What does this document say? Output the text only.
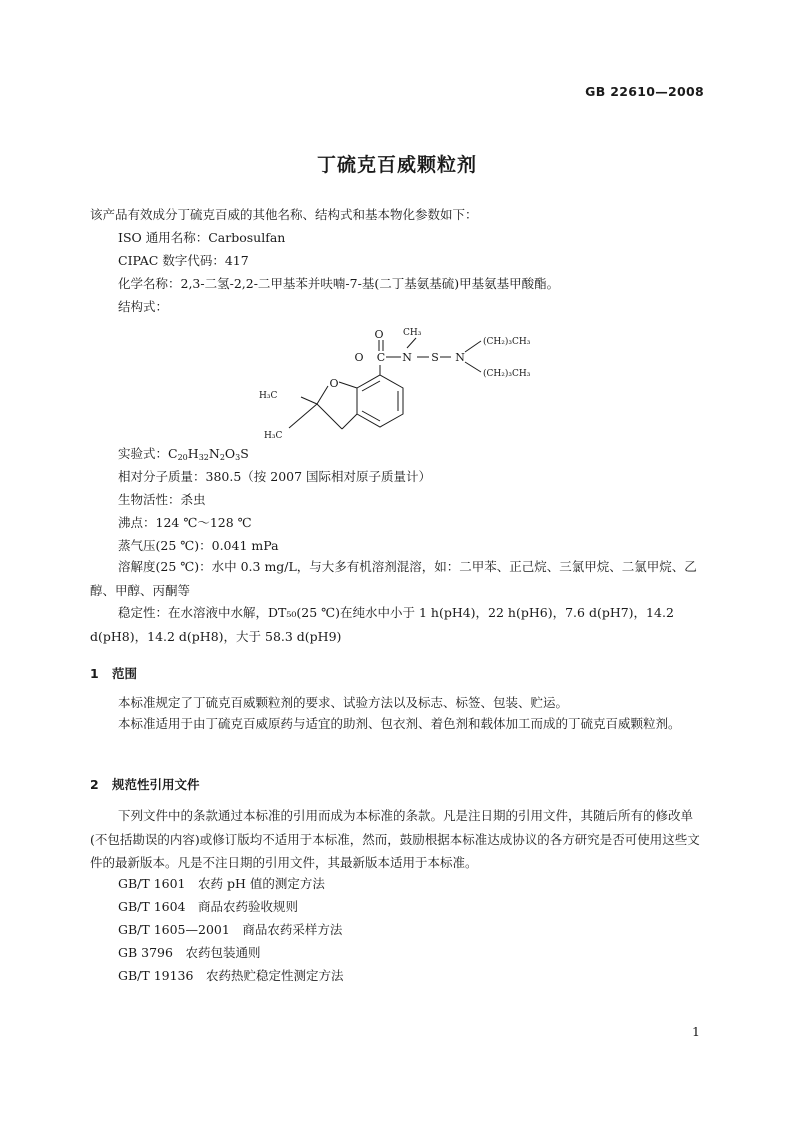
GB 22610—2008
丁硫克百威颗粒剂
该产品有效成分丁硫克百威的其他名称、结构式和基本物化参数如下：
ISO 通用名称：Carbosulfan
CIPAC 数字代码：417
化学名称：2,3-二氢-2,2-二甲基苯并呋喃-7-基(二丁基氨基硫)甲基氨基甲酸酯。
结构式：
O
C
O	N
CH₃
S N
(CH₂)₃CH₃
(CH₂)₃CH₃
O
H₃C
H₃C
实验式：$C_{20}H_{32}N_2O_3S$
相对分子质量：380.5（按 2007 国际相对原子质量计）
生物活性：杀虫
沸点：124 ℃～128 ℃
蒸气压(25 ℃)：0.041 mPa
溶解度(25 ℃)：水中 0.3 mg/L，与大多有机溶剂混溶，如：二甲苯、正己烷、三氯甲烷、二氯甲烷、乙醇、甲醇、丙酮等
稳定性：在水溶液中水解，DT₅₀(25 ℃)在纯水中小于 1 h(pH4)，22 h(pH6)，7.6 d(pH7)，14.2 d(pH8)，14.2 d(pH8)，大于 58.3 d(pH9)
1 范围
本标准规定了丁硫克百威颗粒剂的要求、试验方法以及标志、标签、包装、贮运。
本标准适用于由丁硫克百威原药与适宜的助剂、包衣剂、着色剂和载体加工而成的丁硫克百威颗粒剂。
2 规范性引用文件
下列文件中的条款通过本标准的引用而成为本标准的条款。凡是注日期的引用文件，其随后所有的修改单(不包括勘误的内容)或修订版均不适用于本标准，然而，鼓励根据本标准达成协议的各方研究是否可使用这些文件的最新版本。凡是不注日期的引用文件，其最新版本适用于本标准。
GB/T 1601　农药 pH 值的测定方法
GB/T 1604　商品农药验收规则
GB/T 1605—2001　商品农药采样方法
GB 3796　农药包装通则
GB/T 19136　农药热贮稳定性测定方法
1
